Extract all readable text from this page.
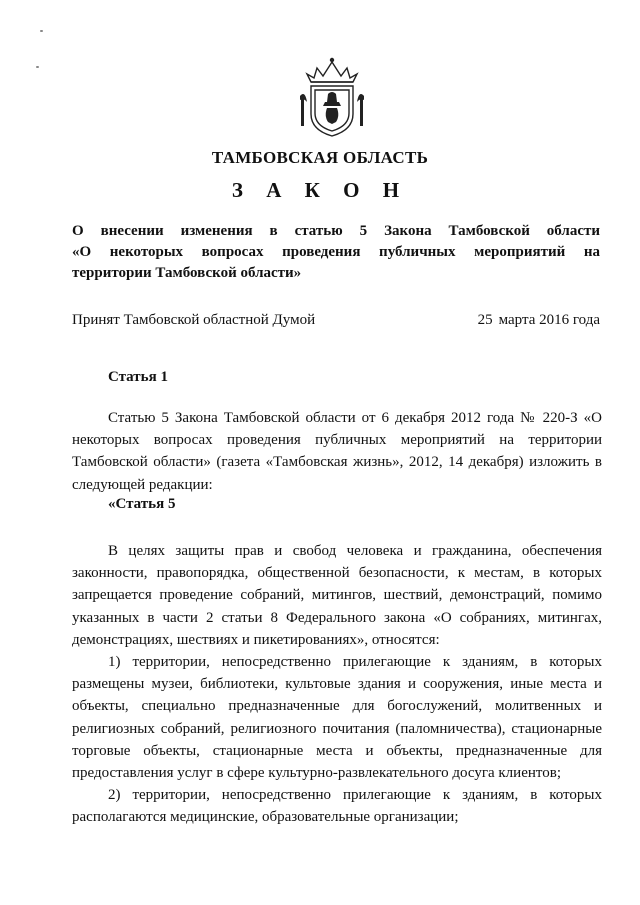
ТАМБОВСКАЯ ОБЛАСТЬ
З А К О Н

О внесении изменения в статью 5 Закона Тамбовской области

«О некоторых вопросах проведения публичных мероприятий на

территории Тамбовской области»

Принят Тамбовской областной Думой	25 марта 2016 года
Статья 1

Статью 5 Закона Тамбовской области от 6 декабря 2012 года № 220-З «О некоторых вопросах проведения публичных мероприятий на территории Тамбовской области» (газета «Тамбовская жизнь», 2012, 14 декабря) изложить в следующей редакции:

«Статья 5

В целях защиты прав и свобод человека и гражданина, обеспечения законности, правопорядка, общественной безопасности, к местам, в которых запрещается проведение собраний, митингов, шествий, демонстраций, помимо указанных в части 2 статьи 8 Федерального закона «О собраниях, митингах, демонстрациях, шествиях и пикетированиях», относятся:

1) территории, непосредственно прилегающие к зданиям, в которых размещены музеи, библиотеки, культовые здания и сооружения, иные места и объекты, специально предназначенные для богослужений, молитвенных и религиозных собраний, религиозного почитания (паломничества), стационарные торговые объекты, стационарные места и объекты, предназначенные для предоставления услуг в сфере культурно-развлекательного досуга клиентов;

2) территории, непосредственно прилегающие к зданиям, в которых располагаются медицинские, образовательные организации;
